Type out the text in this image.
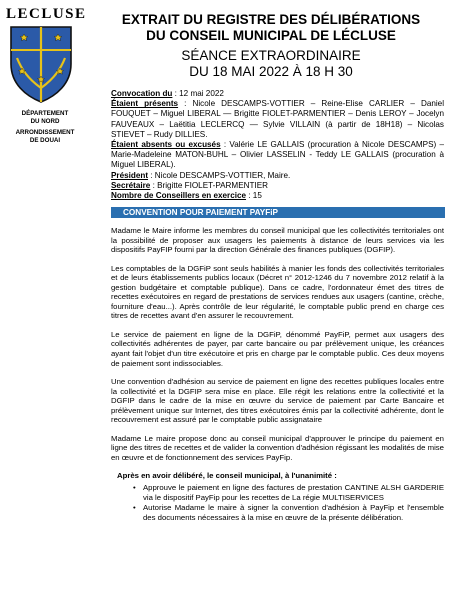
LECLUSE
DÉPARTEMENT
DU NORD
ARRONDISSEMENT
DE DOUAI
EXTRAIT DU REGISTRE DES DÉLIBÉRATIONS
DU CONSEIL MUNICIPAL DE LÉCLUSE
SÉANCE EXTRAORDINAIRE
DU 18 MAI 2022 À 18 H 30
Convocation du : 12 mai 2022
Étaient présents : Nicole DESCAMPS-VOTTIER – Reine-Elise CARLIER – Daniel FOUQUET – Miguel LIBERAL — Brigitte FIOLET-PARMENTIER – Denis LEROY – Jocelyn FAUVEAUX – Laëtitia LECLERCQ — Sylvie VILLAIN (à partir de 18H18) – Nicolas STIEVET – Rudy DILLIES.
Étaient absents ou excusés : Valérie LE GALLAIS (procuration à Nicole DESCAMPS) – Marie-Madeleine MATON-BUHL – Olivier LASSELIN - Teddy LE GALLAIS (procuration à Miguel LIBERAL).
Président : Nicole DESCAMPS-VOTTIER, Maire.
Secrétaire : Brigitte FIOLET-PARMENTIER
Nombre de Conseillers en exercice : 15
CONVENTION POUR PAIEMENT PAYFiP

Madame le Maire informe les membres du conseil municipal que les collectivités territoriales ont la possibilité de proposer aux usagers les paiements à distance de leurs services via les dispositifs PayFIP fourni par la direction Générale des finances publiques (DGFIP).

Les comptables de la DGFiP sont seuls habilités à manier les fonds des collectivités territoriales et de leurs établissements publics locaux (Décret n° 2012-1246 du 7 novembre 2012 relatif à la gestion budgétaire et comptable publique). Dans ce cadre, l'ordonnateur émet des titres de recettes exécutoires en regard de prestations de services rendues aux usagers (cantine, crèche, fourniture d'eau...). Après contrôle de leur régularité, le comptable public prend en charge ces titres de recettes avant d'en assurer le recouvrement.

Le service de paiement en ligne de la DGFiP, dénommé PayFiP, permet aux usagers des collectivités adhérentes de payer, par carte bancaire ou par prélèvement unique, les créances ayant fait l'objet d'un titre exécutoire et pris en charge par le comptable public. Ces deux moyens de paiement sont indissociables.

Une convention d'adhésion au service de paiement en ligne des recettes publiques locales entre la collectivité et la DGFIP sera mise en place. Elle régit les relations entre la collectivité et la DGFIP dans le cadre de la mise en œuvre du service de paiement par Carte Bancaire et prélèvement unique sur Internet, des titres exécutoires émis par la collectivité adhérente, dont le recouvrement est assuré par le comptable public assignataire

Madame Le maire propose donc au conseil municipal d'approuver le principe du paiement en ligne des titres de recettes et de valider la convention d'adhésion régissant les modalités de mise en œuvre et de fonctionnement des services PayFip.

Après en avoir délibéré, le conseil municipal, à l'unanimité :

• Approuve le paiement en ligne des factures de prestation CANTINE ALSH GARDERIE via le dispositif PayFip pour les recettes de La régie MULTISERVICES
• Autorise Madame le maire à signer la convention d'adhésion à PayFip et l'ensemble des documents nécessaires à la mise en œuvre de la présente délibération.
